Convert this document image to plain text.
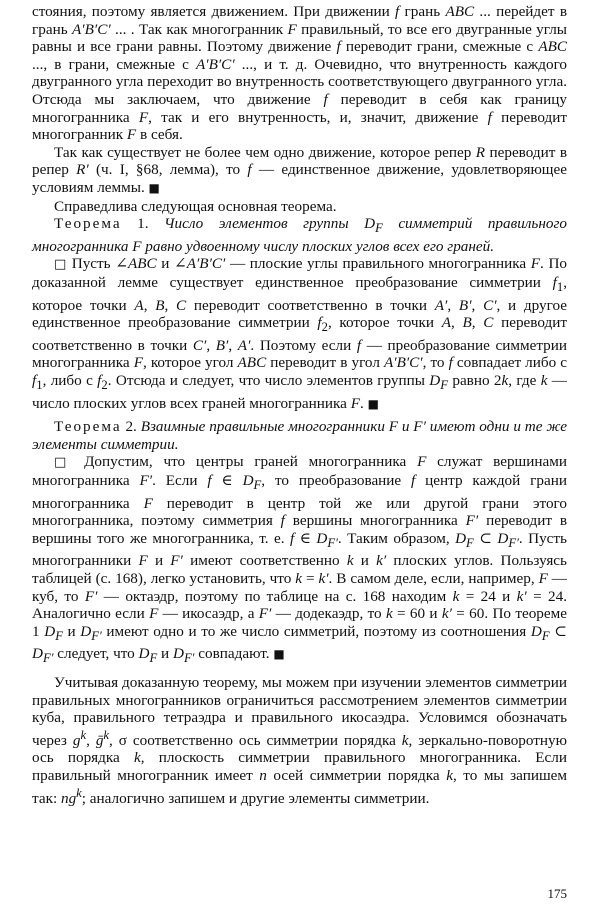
стояния, поэтому является движением. При движении f грань ABC ... перейдет в грань A′B′C′ ... . Так как многогранник F правильный, то все его двугранные углы равны и все грани равны. Поэтому движение f переводит грани, смежные с ABC ..., в грани, смежные с A′B′C′ ..., и т. д. Очевидно, что внутренность каждого двугранного угла переходит во внутренность соответствующего двугранного угла. Отсюда мы заключаем, что движение f переводит в себя как границу многогранника F, так и его внутренность, и, значит, движение f переводит многогранник F в себя.

Так как существует не более чем одно движение, которое репер R переводит в репер R′ (ч. I, §68, лемма), то f — единственное движение, удовлетворяющее условиям леммы. ■

Справедлива следующая основная теорема.

Теорема 1. Число элементов группы $D_F$ симметрий правильного многогранника F равно удвоенному числу плоских углов всех его граней.

□ Пусть ∠ABC и ∠A′B′C′ — плоские углы правильного многогранника F. По доказанной лемме существует единственное преобразование симметрии $f_1$, которое точки A, B, C переводит соответственно в точки A′, B′, C′, и другое единственное преобразование симметрии $f_2$, которое точки A, B, C переводит соответственно в точки C′, B′, A′. Поэтому если f — преобразование симметрии многогранника F, которое угол ABC переводит в угол A′B′C′, то f совпадает либо с $f_1$, либо с $f_2$. Отсюда и следует, что число элементов группы $D_F$ равно 2k, где k — число плоских углов всех граней многогранника F. ■

Теорема 2. Взаимные правильные многогранники F и F′ имеют одни и те же элементы симметрии.

□ Допустим, что центры граней многогранника F служат вершинами многогранника F′. Если f ∈ $D_F$, то преобразование f центр каждой грани многогранника F переводит в центр той же или другой грани этого многогранника, поэтому симметрия f вершины многогранника F′ переводит в вершины того же многогранника, т. е. f ∈ $D_{F'}$. Таким образом, $D_F$ ⊂ $D_{F'}$. Пусть многогранники F и F′ имеют соответственно k и k′ плоских углов. Пользуясь таблицей (с. 168), легко установить, что k = k′. В самом деле, если, например, F — куб, то F′ — октаэдр, поэтому по таблице на с. 168 находим k = 24 и k′ = 24. Аналогично если F — икосаэдр, а F′ — додекаэдр, то k = 60 и k′ = 60. По теореме 1 $D_F$ и $D_{F'}$ имеют одно и то же число симметрий, поэтому из соотношения $D_F$ ⊂ $D_{F'}$ следует, что $D_F$ и $D_{F'}$ совпадают. ■

Учитывая доказанную теорему, мы можем при изучении элементов симметрии правильных многогранников ограничиться рассмотрением элементов симметрии куба, правильного тетраэдра и правильного икосаэдра. Условимся обозначать через $g^k$, ḡ$^k$, σ соответственно ось симметрии порядка k, зеркально-поворотную ось порядка k, плоскость симметрии правильного многогранника. Если правильный многогранник имеет n осей симметрии порядка k, то мы запишем так: $ng^k$; аналогично запишем и другие элементы симметрии.

175
